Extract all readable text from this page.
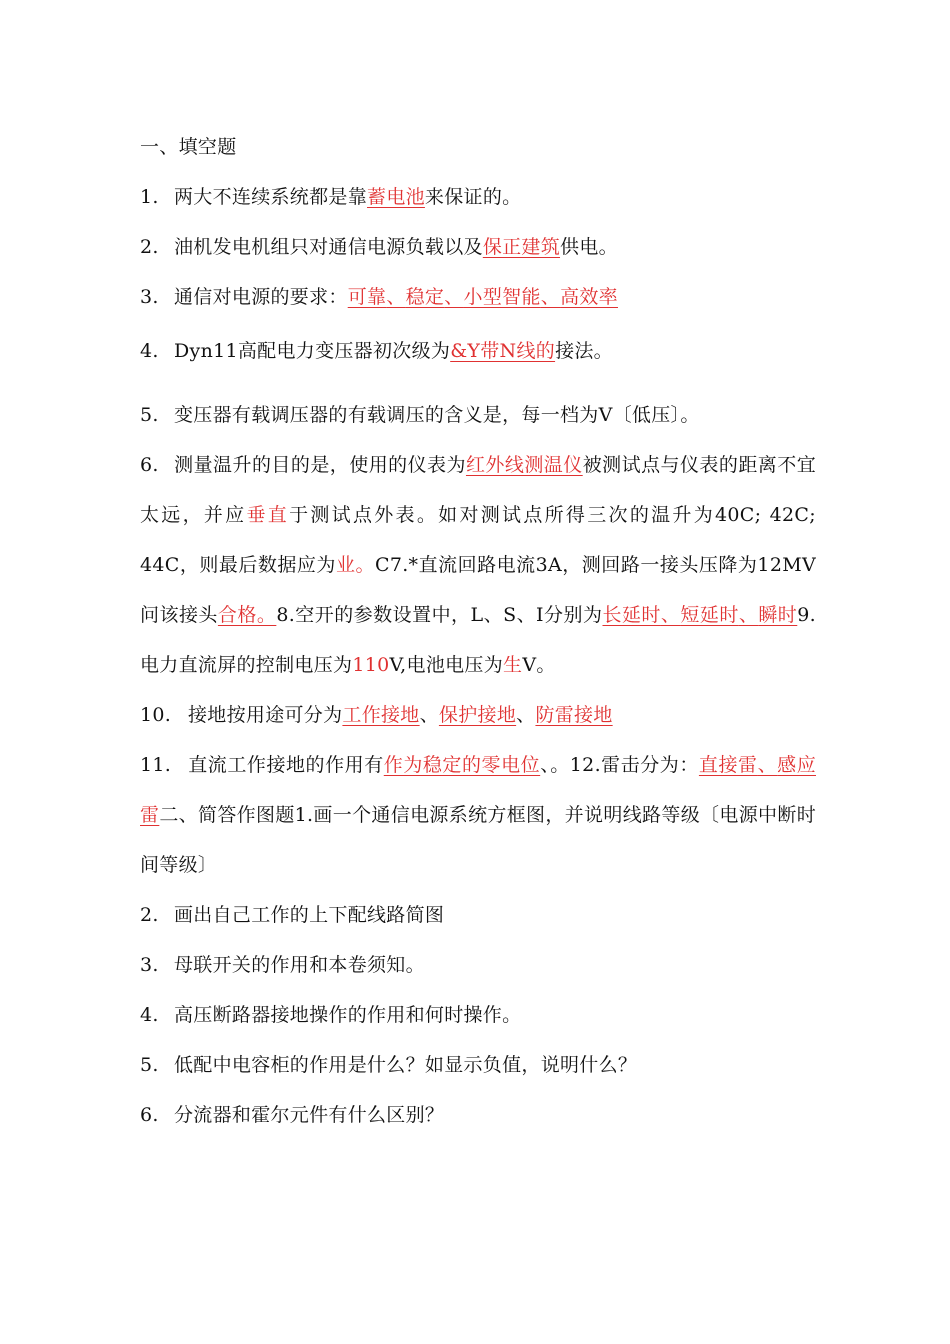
一、填空题
1. 两大不连续系统都是靠蓄电池来保证的。
2. 油机发电机组只对通信电源负载以及保正建筑供电。
3. 通信对电源的要求：可靠、稳定、小型智能、高效率
4. Dyn11高配电力变压器初次级为&Y带N线的接法。
5. 变压器有载调压器的有载调压的含义是，每一档为V〔低压〕。
6. 测量温升的目的是，使用的仪表为红外线测温仪被测试点与仪表的距离不宜太远，并应垂直于测试点外表。如对测试点所得三次的温升为40C; 42C; 44C，则最后数据应为业。C7.*直流回路电流3A，测回路一接头压降为12MV问该接头合格。8.空开的参数设置中，L、S、I分别为长延时、短延时、瞬时9.电力直流屏的控制电压为110V,电池电压为生V。
10. 接地按用途可分为工作接地、保护接地、防雷接地
11. 直流工作接地的作用有作为稳定的零电位、。12.雷击分为：直接雷、感应雷二、简答作图题1.画一个通信电源系统方框图，并说明线路等级〔电源中断时间等级〕
2. 画出自己工作的上下配线路简图
3. 母联开关的作用和本卷须知。
4. 高压断路器接地操作的作用和何时操作。
5. 低配中电容柜的作用是什么？如显示负值，说明什么？
6. 分流器和霍尔元件有什么区别？
